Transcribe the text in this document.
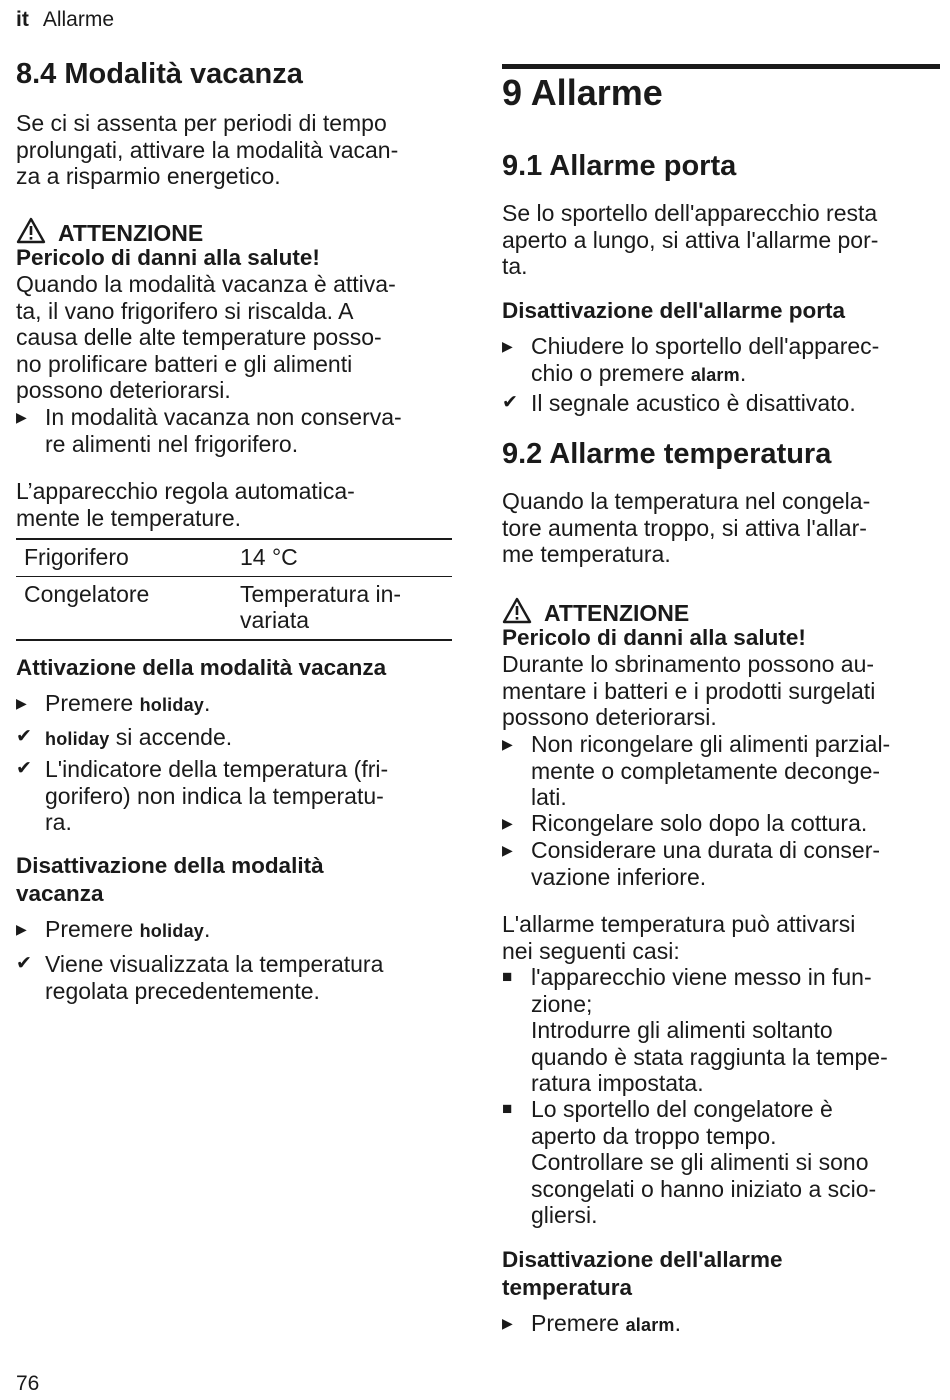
it Allarme
8.4 Modalità vacanza

Se ci si assenta per periodi di tempo

prolungati, attivare la modalità vacan-

za a risparmio energetico.

ATTENZIONE
Pericolo di danni alla salute!

Quando la modalità vacanza è attiva-

ta, il vano frigorifero si riscalda. A

causa delle alte temperature posso-

no prolificare batteri e gli alimenti

possono deteriorarsi.

▶ In modalità vacanza non conserva-

re alimenti nel frigorifero.

L’apparecchio regola automatica-

mente le temperature.

Frigorifero	14 °C
Congelatore	Temperatura in-
variata
Attivazione della modalità vacanza
▶ Premere holiday.

✔ holiday si accende.

✔ L'indicatore della temperatura (fri-

gorifero) non indica la temperatu-

ra.

Disattivazione della modalità
vacanza
▶ Premere holiday.

✔ Viene visualizzata la temperatura

regolata precedentemente.

9 Allarme
9.1 Allarme porta

Se lo sportello dell'apparecchio resta

aperto a lungo, si attiva l'allarme por-

ta.

Disattivazione dell'allarme porta
▶ Chiudere lo sportello dell'apparec-

chio o premere alarm.

✔ Il segnale acustico è disattivato.

9.2 Allarme temperatura

Quando la temperatura nel congela-

tore aumenta troppo, si attiva l'allar-

me temperatura.

ATTENZIONE
Pericolo di danni alla salute!

Durante lo sbrinamento possono au-

mentare i batteri e i prodotti surgelati

possono deteriorarsi.

▶ Non ricongelare gli alimenti parzial-

mente o completamente deconge-

lati.

▶ Ricongelare solo dopo la cottura.

▶ Considerare una durata di conser-

vazione inferiore.

L'allarme temperatura può attivarsi

nei seguenti casi:

■ l'apparecchio viene messo in fun-

zione;

Introdurre gli alimenti soltanto

quando è stata raggiunta la tempe-

ratura impostata.

■ Lo sportello del congelatore è

aperto da troppo tempo.

Controllare se gli alimenti si sono

scongelati o hanno iniziato a scio-

gliersi.

Disattivazione dell'allarme
temperatura
▶ Premere alarm.

76
